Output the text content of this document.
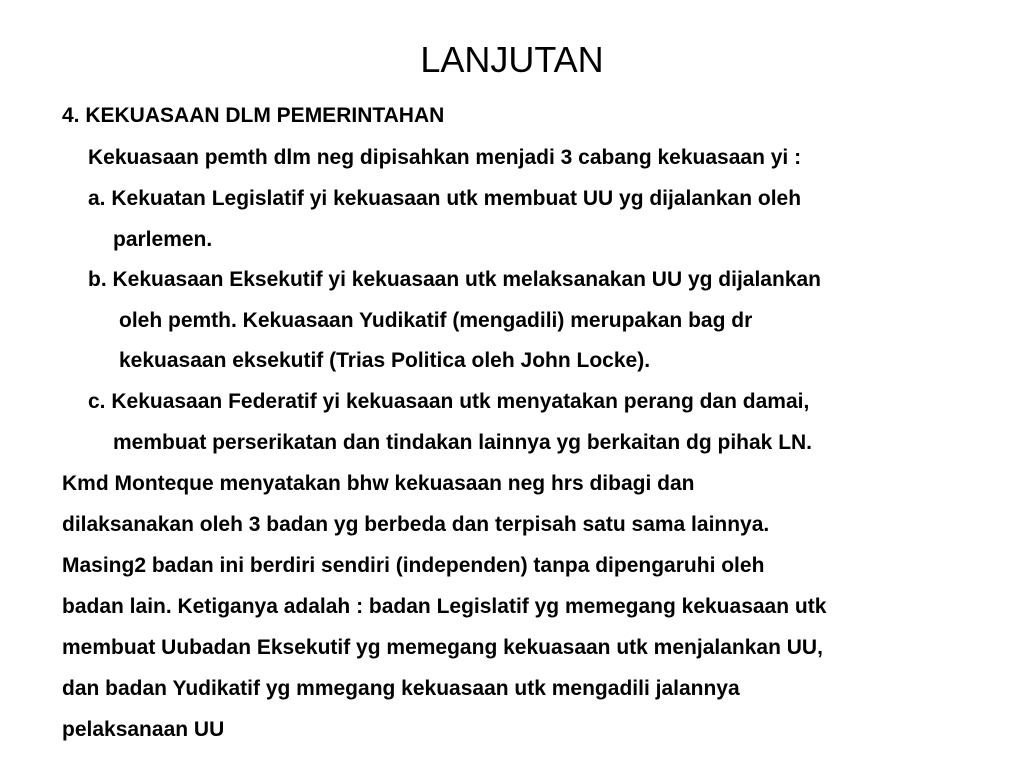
LANJUTAN
4. KEKUASAAN DLM PEMERINTAHAN
Kekuasaan pemth dlm neg dipisahkan menjadi 3 cabang kekuasaan yi :
a. Kekuatan Legislatif yi kekuasaan utk membuat UU yg dijalankan oleh
parlemen.
b. Kekuasaan Eksekutif yi kekuasaan utk melaksanakan UU yg dijalankan
oleh pemth. Kekuasaan Yudikatif (mengadili) merupakan bag dr
kekuasaan eksekutif (Trias Politica oleh John Locke).
c. Kekuasaan Federatif yi kekuasaan utk menyatakan perang dan damai,
membuat perserikatan dan tindakan lainnya yg berkaitan dg pihak LN.
Kmd Monteque menyatakan bhw kekuasaan neg hrs dibagi dan
dilaksanakan oleh 3 badan yg berbeda dan terpisah satu sama lainnya.
Masing2 badan ini berdiri sendiri (independen) tanpa dipengaruhi oleh
badan lain. Ketiganya adalah : badan Legislatif yg memegang kekuasaan utk
membuat Uubadan Eksekutif yg memegang kekuasaan utk menjalankan UU,
dan badan Yudikatif yg mmegang kekuasaan utk mengadili jalannya
pelaksanaan UU
